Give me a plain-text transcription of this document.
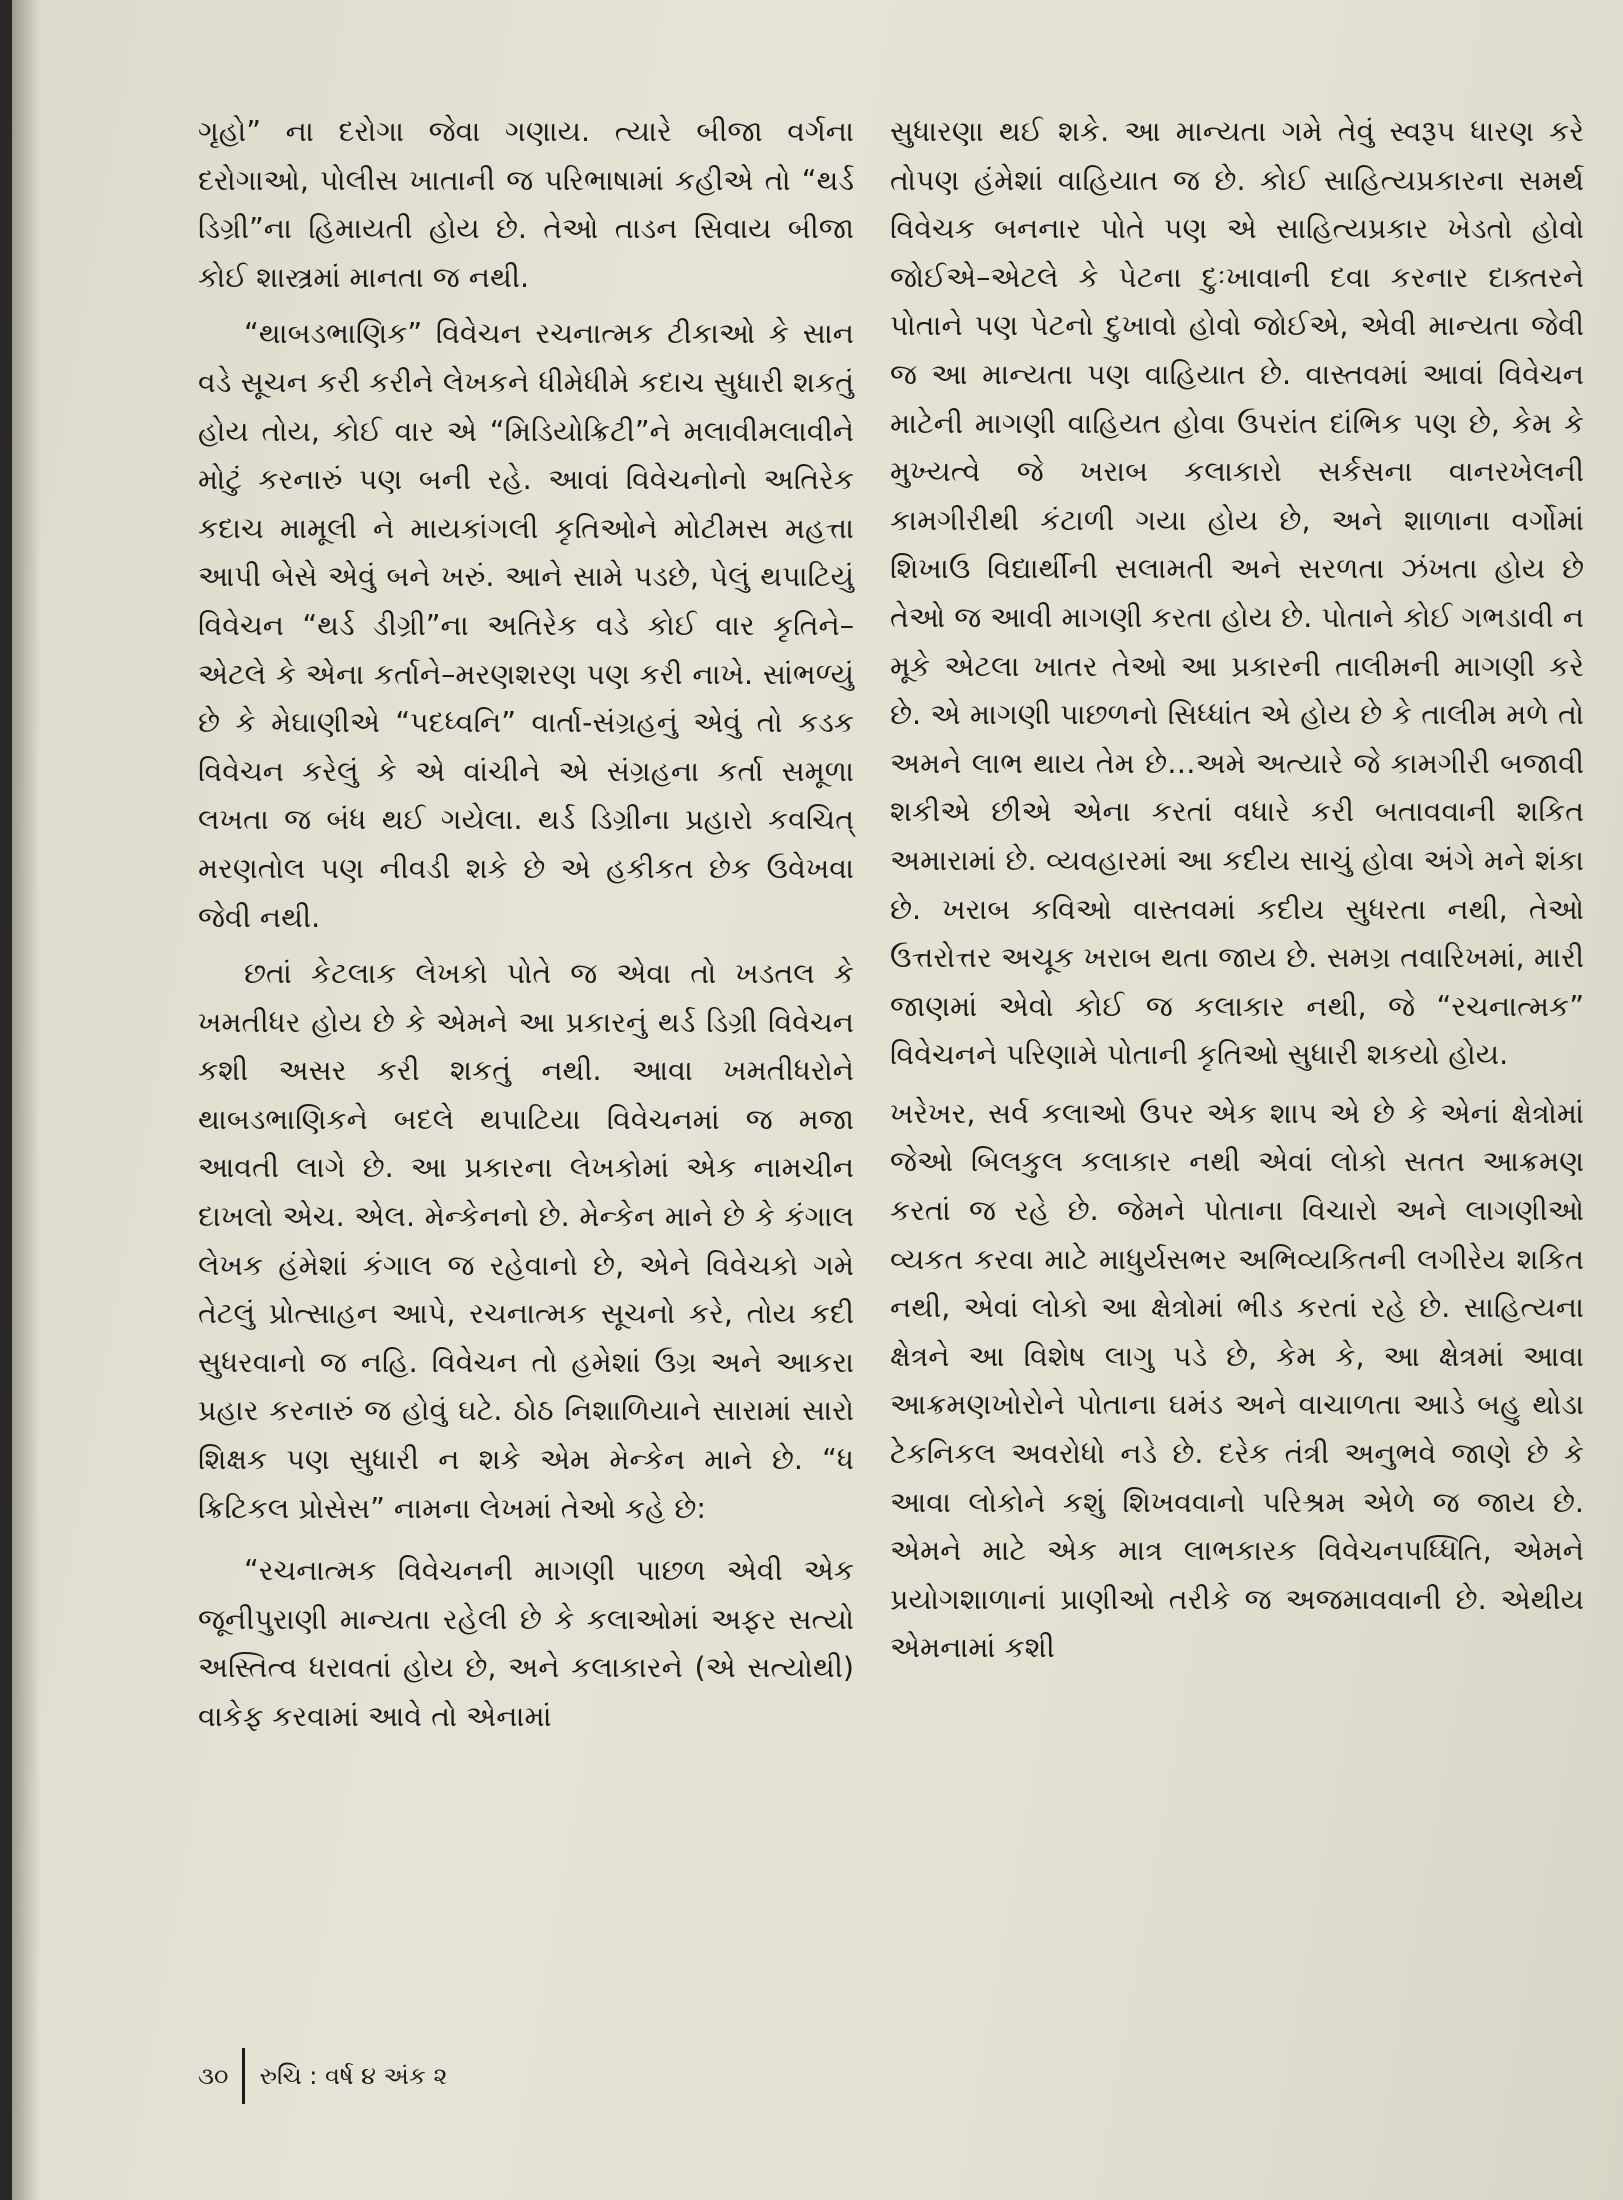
ગૃહો” ના દરોગા જેવા ગણાય. ત્યારે બીજા વર્ગના દરોગાઓ, પોલીસ ખાતાની જ પરિભાષામાં કહીએ તો “થર્ડ ડિગ્રી”ના હિમાયતી હોય છે. તેઓ તાડન સિવાય બીજા કોઈ શાસ્ત્રમાં માનતા જ નથી.

“થાબડભાણિક” વિવેચન રચનાત્મક ટીકાઓ કે સાન વડે સૂચન કરી કરીને લેખકને ધીમેધીમે કદાચ સુધારી શકતું હોય તોય, કોઈ વાર એ “મિડિયોક્રિટી”ને મલાવીમલાવીને મોટું કરનારું પણ બની રહે. આવાં વિવેચનોનો અતિરેક કદાચ મામૂલી ને માયકાંગલી કૃતિઓને મોટીમસ મહત્તા આપી બેસે એવું બને ખરું. આને સામે પડછે, પેલું થપાટિયું વિવેચન “થર્ડ ડીગ્રી”ના અતિરેક વડે કોઈ વાર કૃતિને–એટલે કે એના કર્તાને–મરણશરણ પણ કરી નાખે. સાંભળ્યું છે કે મેઘાણીએ “પદધ્વનિ” વાર્તા-સંગ્રહનું એવું તો કડક વિવેચન કરેલું કે એ વાંચીને એ સંગ્રહના કર્તા સમૂળા લખતા જ બંધ થઈ ગયેલા. થર્ડ ડિગ્રીના પ્રહારો કવચિત્ મરણતોલ પણ નીવડી શકે છે એ હકીકત છેક ઉવેખવા જેવી નથી.

છતાં કેટલાક લેખકો પોતે જ એવા તો ખડતલ કે ખમતીધર હોય છે કે એમને આ પ્રકારનું થર્ડ ડિગ્રી વિવેચન કશી અસર કરી શકતું નથી. આવા ખમતીધરોને થાબડભાણિકને બદલે થપાટિયા વિવેચનમાં જ મજા આવતી લાગે છે. આ પ્રકારના લેખકોમાં એક નામચીન દાખલો એચ. એલ. મેન્કેનનો છે. મેન્કેન માને છે કે કંગાલ લેખક હંમેશાં કંગાલ જ રહેવાનો છે, એને વિવેચકો ગમે તેટલું પ્રોત્સાહન આપે, રચનાત્મક સૂચનો કરે, તોય કદી સુધરવાનો જ નહિ. વિવેચન તો હમેશાં ઉગ્ર અને આકરા પ્રહાર કરનારું જ હોવું ઘટે. ઠોઠ નિશાળિયાને સારામાં સારો શિક્ષક પણ સુધારી ન શકે એમ મેન્કેન માને છે. “ધ ક્રિટિકલ પ્રોસેસ” નામના લેખમાં તેઓ કહે છે:

“રચનાત્મક વિવેચનની માગણી પાછળ એવી એક જૂનીપુરાણી માન્યતા રહેલી છે કે કલાઓમાં અફર સત્યો અસ્તિત્વ ધરાવતાં હોય છે, અને કલાકારને (એ સત્યોથી) વાકેફ કરવામાં આવે તો એનામાં

સુધારણા થઈ શકે. આ માન્યતા ગમે તેવું સ્વરૂપ ધારણ કરે તોપણ હંમેશાં વાહિયાત જ છે. કોઈ સાહિત્યપ્રકારના સમર્થ વિવેચક બનનાર પોતે પણ એ સાહિત્યપ્રકાર ખેડતો હોવો જોઈએ–એટલે કે પેટના દુઃખાવાની દવા કરનાર દાક્તરને પોતાને પણ પેટનો દુખાવો હોવો જોઈએ, એવી માન્યતા જેવી જ આ માન્યતા પણ વાહિયાત છે. વાસ્તવમાં આવાં વિવેચન માટેની માગણી વાહિયત હોવા ઉપરાંત દાંભિક પણ છે, કેમ કે મુખ્યત્વે જે ખરાબ કલાકારો સર્કસના વાનરખેલની કામગીરીથી કંટાળી ગયા હોય છે, અને શાળાના વર્ગોમાં શિખાઉ વિદ્યાર્થીની સલામતી અને સરળતા ઝંખતા હોય છે તેઓ જ આવી માગણી કરતા હોય છે. પોતાને કોઈ ગભડાવી ન મૂકે એટલા ખાતર તેઓ આ પ્રકારની તાલીમની માગણી કરે છે. એ માગણી પાછળનો સિધ્ધાંત એ હોય છે કે તાલીમ મળે તો અમને લાભ થાય તેમ છે…અમે અત્યારે જે કામગીરી બજાવી શકીએ છીએ એના કરતાં વધારે કરી બતાવવાની શકિત અમારામાં છે. વ્યવહારમાં આ કદીય સાચું હોવા અંગે મને શંકા છે. ખરાબ કવિઓ વાસ્તવમાં કદીય સુધરતા નથી, તેઓ ઉત્તરોત્તર અચૂક ખરાબ થતા જાય છે. સમગ્ર તવારિખમાં, મારી જાણમાં એવો કોઈ જ કલાકાર નથી, જે “રચનાત્મક” વિવેચનને પરિણામે પોતાની કૃતિઓ સુધારી શકયો હોય.

ખરેખર, સર્વ કલાઓ ઉપર એક શાપ એ છે કે એનાં ક્ષેત્રોમાં જેઓ બિલકુલ કલાકાર નથી એવાં લોકો સતત આક્રમણ કરતાં જ રહે છે. જેમને પોતાના વિચારો અને લાગણીઓ વ્યકત કરવા માટે માધુર્યસભર અભિવ્યકિતની લગીરેય શકિત નથી, એવાં લોકો આ ક્ષેત્રોમાં ભીડ કરતાં રહે છે. સાહિત્યના ક્ષેત્રને આ વિશેષ લાગુ પડે છે, કેમ કે, આ ક્ષેત્રમાં આવા આક્રમણખોરોને પોતાના ઘમંડ અને વાચાળતા આડે બહુ થોડા ટેકનિકલ અવરોધો નડે છે. દરેક તંત્રી અનુભવે જાણે છે કે આવા લોકોને કશું શિખવવાનો પરિશ્રમ એળે જ જાય છે. એમને માટે એક માત્ર લાભકારક વિવેચનપધ્ધિતિ, એમને પ્રયોગશાળાનાં પ્રાણીઓ તરીકે જ અજમાવવાની છે. એથીય એમનામાં કશી

૩૦ રુચિ : વર્ષ ૪ અંક ૨
